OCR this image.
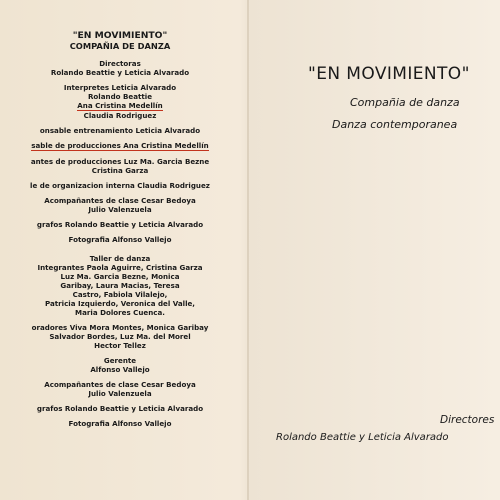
"EN MOVIMIENTO"
COMPAÑIA DE DANZA
Directoras
Rolando Beattie y Leticia Alvarado
Interpretes Leticia Alvarado
Rolando Beattie
Ana Cristina Medellín
Claudia Rodriguez
onsable entrenamiento Leticia Alvarado
sable de producciones Ana Cristina Medellín
antes de producciones Luz Ma. Garcia Bezne
Cristina Garza
le de organizacion interna Claudia Rodriguez
Acompañantes de clase Cesar Bedoya
Julio Valenzuela
grafos Rolando Beattie y Leticia Alvarado
Fotografia Alfonso Vallejo
Taller de danza
Integrantes Paola Aguirre, Cristina Garza
Luz Ma. Garcia Bezne, Monica
Garibay, Laura Macias, Teresa
Castro, Fabiola Vilalejo,
Patricia Izquierdo, Veronica del Valle,
Maria Dolores Cuenca.
oradores Viva Mora Montes, Monica Garibay
Salvador Bordes, Luz Ma. del Morel
Hector Tellez
Gerente
Alfonso Vallejo
Acompañantes de clase Cesar Bedoya
Julio Valenzuela
grafos Rolando Beattie y Leticia Alvarado
Fotografia Alfonso Vallejo
"EN MOVIMIENTO"
Compañia de danza
Danza contemporanea
Directores
Rolando Beattie y Leticia Alvarado
